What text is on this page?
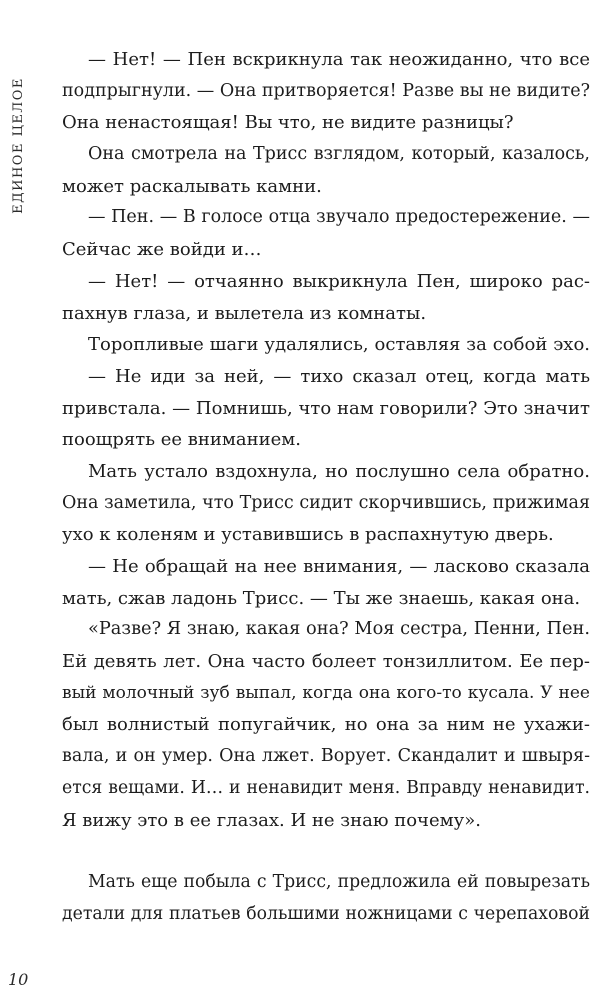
ЕДИНОЕ ЦЕЛОЕ
— Нет! — Пен вскрикнула так неожиданно, что все
подпрыгнули. — Она притворяется! Разве вы не видите?
Она ненастоящая! Вы что, не видите разницы?
Она смотрела на Трисс взглядом, который, казалось,
может раскалывать камни.
— Пен. — В голосе отца звучало предостережение. —
Сейчас же войди и…
— Нет! — отчаянно выкрикнула Пен, широко рас-
пахнув глаза, и вылетела из комнаты.
Торопливые шаги удалялись, оставляя за собой эхо.
— Не иди за ней, — тихо сказал отец, когда мать
привстала. — Помнишь, что нам говорили? Это значит
поощрять ее вниманием.
Мать устало вздохнула, но послушно села обратно.
Она заметила, что Трисс сидит скорчившись, прижимая
ухо к коленям и уставившись в распахнутую дверь.
— Не обращай на нее внимания, — ласково сказала
мать, сжав ладонь Трисс. — Ты же знаешь, какая она.
«Разве? Я знаю, какая она? Моя сестра, Пенни, Пен.
Ей девять лет. Она часто болеет тонзиллитом. Ее пер-
вый молочный зуб выпал, когда она кого-то кусала. У нее
был волнистый попугайчик, но она за ним не ухажи-
вала, и он умер. Она лжет. Ворует. Скандалит и швыря-
ется вещами. И… и ненавидит меня. Вправду ненавидит.
Я вижу это в ее глазах. И не знаю почему».
Мать еще побыла с Трисс, предложила ей повырезать
детали для платьев большими ножницами с черепаховой
10
